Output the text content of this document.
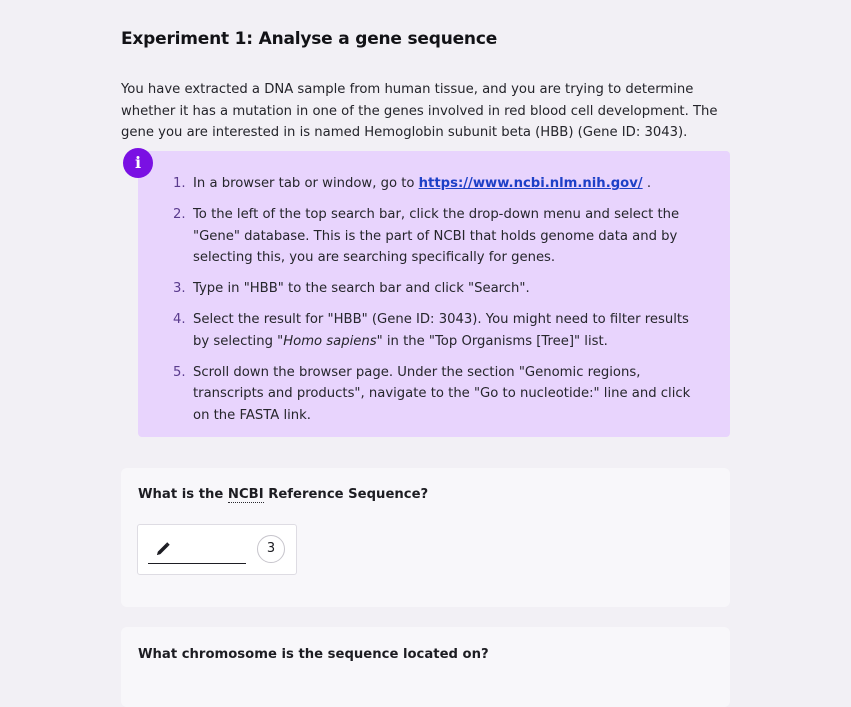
Experiment 1: Analyse a gene sequence

You have extracted a DNA sample from human tissue, and you are trying to determine whether it has a mutation in one of the genes involved in red blood cell development. The gene you are interested in is named Hemoglobin subunit beta (HBB) (Gene ID: 3043).

i
1. In a browser tab or window, go to https://www.ncbi.nlm.nih.gov/ .
2. To the left of the top search bar, click the drop-down menu and select the "Gene" database. This is the part of NCBI that holds genome data and by selecting this, you are searching specifically for genes.
3. Type in "HBB" to the search bar and click "Search".
4. Select the result for "HBB" (Gene ID: 3043). You might need to filter results by selecting "Homo sapiens" in the "Top Organisms [Tree]" list.
5. Scroll down the browser page. Under the section "Genomic regions, transcripts and products", navigate to the "Go to nucleotide:" line and click on the FASTA link.
What is the NCBI Reference Sequence?
3
What chromosome is the sequence located on?
